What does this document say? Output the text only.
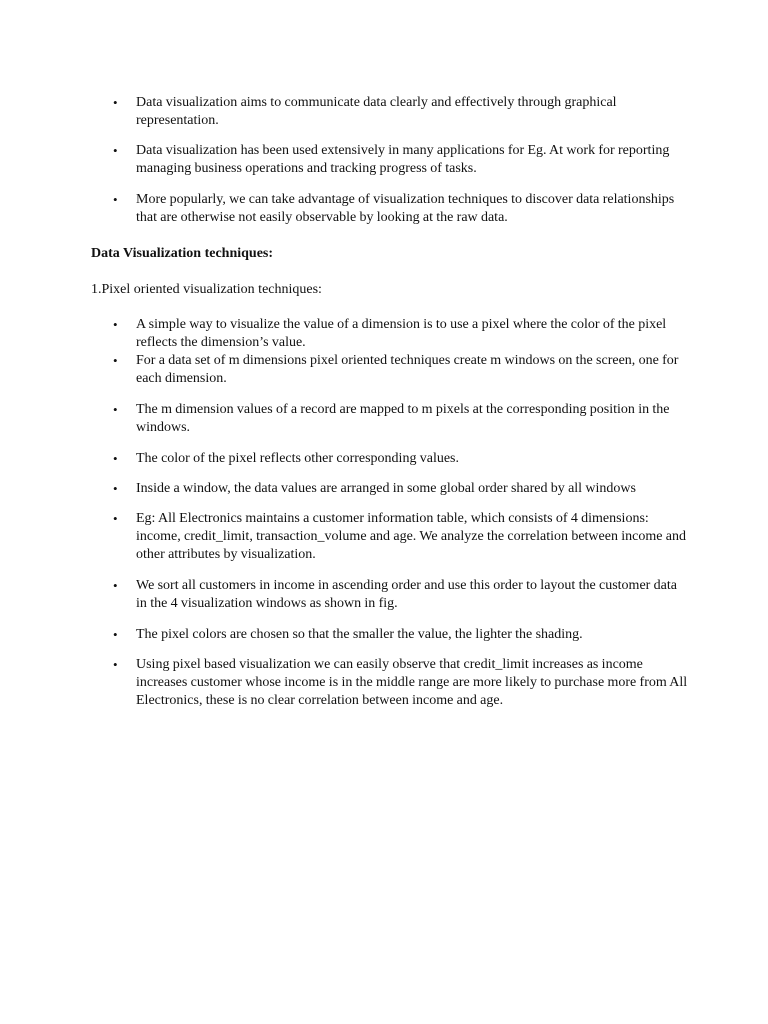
• Data visualization aims to communicate data clearly and effectively through graphical representation.
• Data visualization has been used extensively in many applications for Eg. At work for reporting managing business operations and tracking progress of tasks.
• More popularly, we can take advantage of visualization techniques to discover data relationships that are otherwise not easily observable by looking at the raw data.
Data Visualization techniques:
1.Pixel oriented visualization techniques:
• A simple way to visualize the value of a dimension is to use a pixel where the color of the pixel reflects the dimension’s value.
• For a data set of m dimensions pixel oriented techniques create m windows on the screen, one for each dimension.
• The m dimension values of a record are mapped to m pixels at the corresponding position in the windows.
• The color of the pixel reflects other corresponding values.
• Inside a window, the data values are arranged in some global order shared by all windows
• Eg: All Electronics maintains a customer information table, which consists of 4 dimensions: income, credit_limit, transaction_volume and age. We analyze the correlation between income and other attributes by visualization.
• We sort all customers in income in ascending order and use this order to layout the customer data in the 4 visualization windows as shown in fig.
• The pixel colors are chosen so that the smaller the value, the lighter the shading.
• Using pixel based visualization we can easily observe that credit_limit increases as income increases customer whose income is in the middle range are more likely to purchase more from All Electronics, these is no clear correlation between income and age.
